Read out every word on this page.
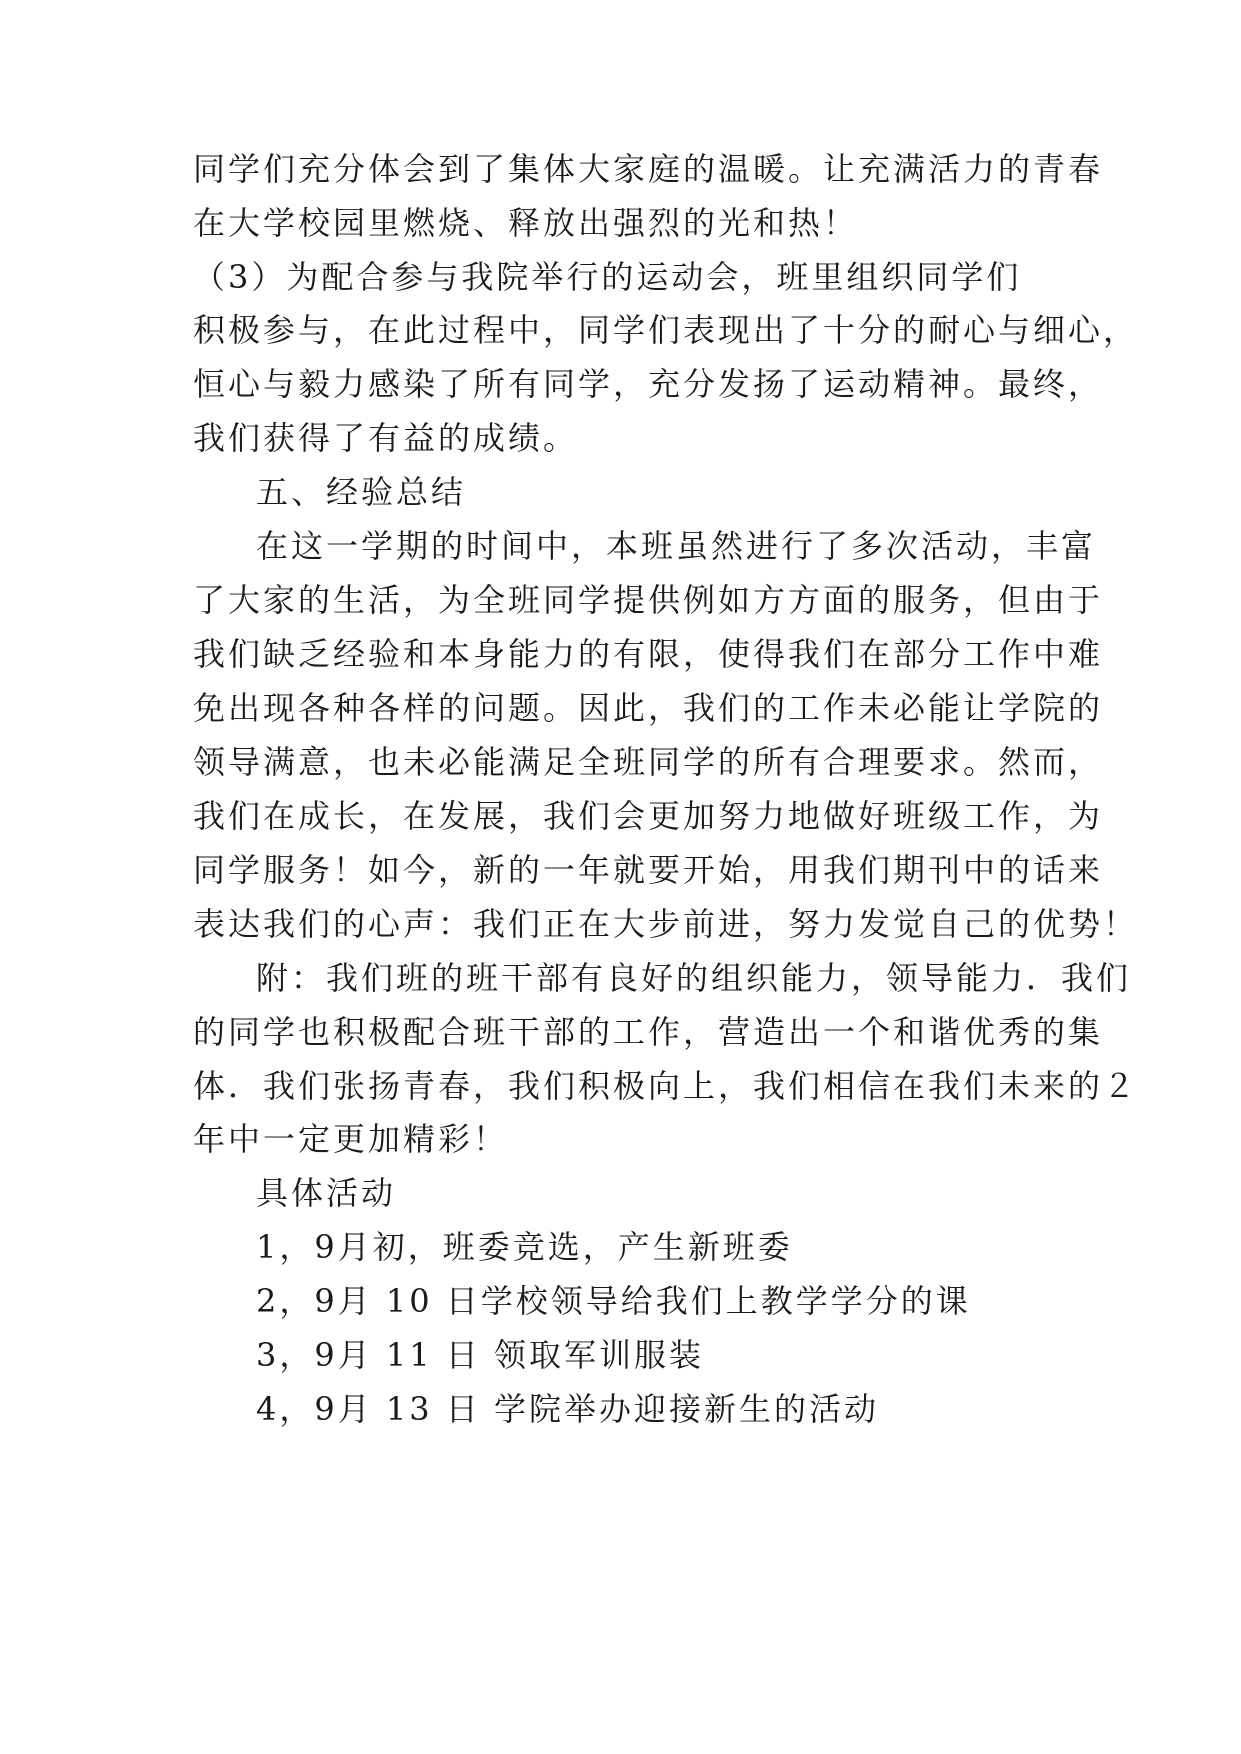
同学们充分体会到了集体大家庭的温暖。让充满活力的青春
在大学校园里燃烧、释放出强烈的光和热！
（3）为配合参与我院举行的运动会，班里组织同学们
积极参与，在此过程中，同学们表现出了十分的耐心与细心，
恒心与毅力感染了所有同学，充分发扬了运动精神。最终，
我们获得了有益的成绩。
五、经验总结
在这一学期的时间中，本班虽然进行了多次活动，丰富
了大家的生活，为全班同学提供例如方方面的服务，但由于
我们缺乏经验和本身能力的有限，使得我们在部分工作中难
免出现各种各样的问题。因此，我们的工作未必能让学院的
领导满意，也未必能满足全班同学的所有合理要求。然而，
我们在成长，在发展，我们会更加努力地做好班级工作，为
同学服务！如今，新的一年就要开始，用我们期刊中的话来
表达我们的心声：我们正在大步前进，努力发觉自己的优势！
附：我们班的班干部有良好的组织能力，领导能力．我们
的同学也积极配合班干部的工作，营造出一个和谐优秀的集
体．我们张扬青春，我们积极向上，我们相信在我们未来的２
年中一定更加精彩！
具体活动
1，9月初，班委竞选，产生新班委
2，9月 10 日学校领导给我们上教学学分的课
3，9月 11 日 领取军训服装
4，9月 13 日 学院举办迎接新生的活动
